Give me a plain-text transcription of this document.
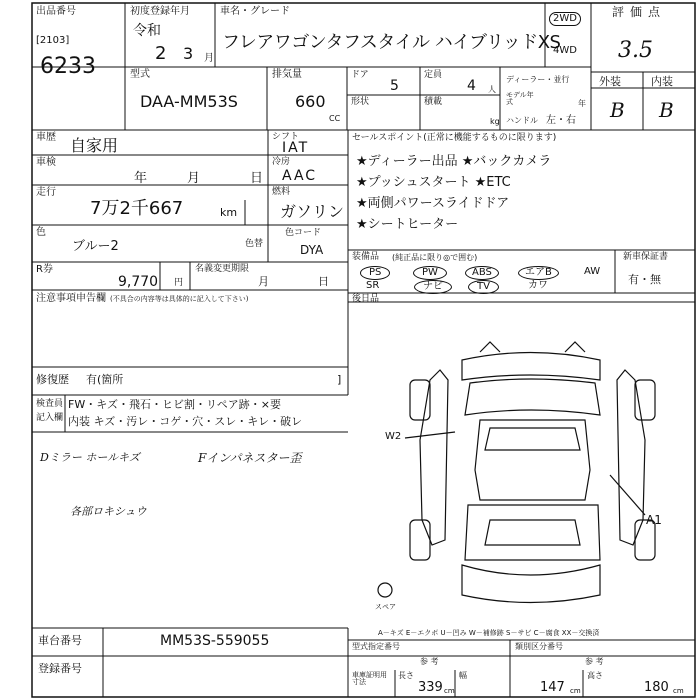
出品番号
[2103]
6233
初度登録年月
令和
2 3 月
車名・グレード
フレアワゴンタフスタイル ハイブリッドXS
2WD
4WD
評価点
3.5
外装	内装
B B
型式
DAA-MM53S
排気量
660
CC
ドア
5
定員
4 人
形状	積載
kg
ディーラー・並行
モデル年式	年
ハンドル 左・右
車歴 自家用	シフト
IAT
車検
年	月	日
冷房
AAC
走行
7万2千667	km
燃料
ガソリン
色
ブルー2	色替
色コード
DYA
R券
9,770 円
名義変更期限
月	日
注意事項申告欄 (不具合の内容等は具体的に記入して下さい)
修復歴 有(箇所	]
セールスポイント(正常に機能するものに限ります)
★ディーラー出品 ★バックカメラ
★プッシュスタート ★ETC
★両側パワースライドドア
★シートヒーター
装備品 (純正品に限り◎で囲む)	新車保証書
有・無
PS	PW	ABS	エアB	AW
SR	ナビ	TV	カワ
後日品
検査員
記入欄
FW・キズ・飛石・ヒビ割・リペア跡・×要
内装 キズ・汚レ・コゲ・穴・スレ・キレ・破レ
Dミラー ホールキズ	Fインパネスター歪
各部ロキシュウ
W2
A1
スペア
A－キズ E－エクボ U－凹み W－補修跡 S－サビ C－腐食 XX－交換済
車台番号	MM53S-559055
登録番号
型式指定番号
参 考
類別区分番号
参 考
車庫証明用 寸法
長さ
339 cm
幅
147 cm
高さ
180 cm
